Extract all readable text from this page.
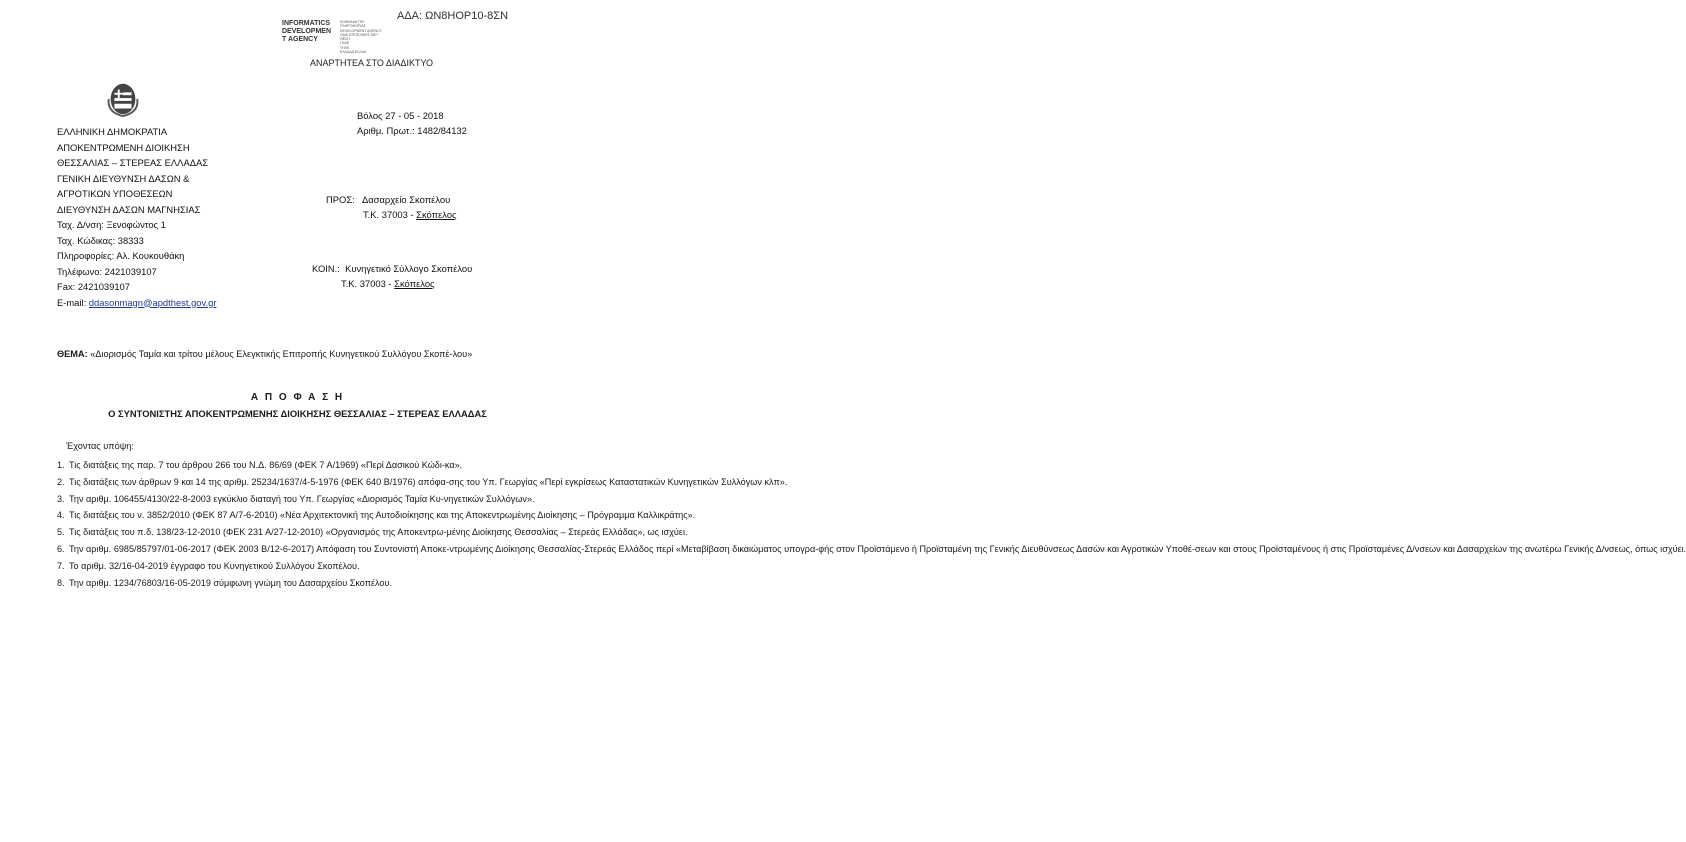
ΑΔΑ: ΩΝ8ΗΟΡ10-8ΣΝ
INFORMATICS
DEVELOPMEN
T AGENCY
ΚΟΙΝΩΝΙΑ ΤΗΣ
ΠΛΗΡΟΦΟΡΙΑΣ
DEVELOPMENT AGENCY
ΟΔΙΚ ΕΠΙΤΕΛΙΚΕΣ ΜΕΤ
ΘΕΣΗ
ΓΗΑΕ
ΤΗΛΕ
ΕΛΛΑΔΑ ΕΛΛΑΔ
ΑΝΑΡΤΗΤΕΑ ΣΤΟ ΔΙΑΔΙΚΤΥΟ
Βόλος 27 - 05 - 2018
Αριθμ. Πρωτ.: 1482/84132
ΕΛΛΗΝΙΚΗ ΔΗΜΟΚΡΑΤΙΑ
ΑΠΟΚΕΝΤΡΩΜΕΝΗ ΔΙΟΙΚΗΣΗ
ΘΕΣΣΑΛΙΑΣ – ΣΤΕΡΕΑΣ ΕΛΛΑΔΑΣ
ΓΕΝΙΚΗ ΔΙΕΥΘΥΝΣΗ ΔΑΣΩΝ &
ΑΓΡΟΤΙΚΩΝ ΥΠΟΘΕΣΕΩΝ
ΔΙΕΥΘΥΝΣΗ ΔΑΣΩΝ ΜΑΓΝΗΣΙΑΣ
Ταχ. Δ/νση: Ξενοφώντος 1
Ταχ. Κώδικας: 38333
Πληροφορίες: Αλ. Κουκουθάκη
Τηλέφωνο: 2421039107
Fax: 2421039107
E-mail: ddasonmagn@apdthest.gov.gr
ΠΡΟΣ: Δασαρχείο Σκοπέλου
Τ.Κ. 37003 - Σκόπελος
ΚΟΙΝ.: Κυνηγετικό Σύλλογο Σκοπέλου
Τ.Κ. 37003 - Σκόπελος
ΘΕΜΑ: «Διορισμός Ταμία και τρίτου μέλους Ελεγκτικής Επιτροπής Κυνηγετικού Συλλόγου Σκοπέ-λου»
Α Π Ο Φ Α Σ Η
Ο ΣΥΝΤΟΝΙΣΤΗΣ ΑΠΟΚΕΝΤΡΩΜΕΝΗΣ ΔΙΟΙΚΗΣΗΣ ΘΕΣΣΑΛΙΑΣ – ΣΤΕΡΕΑΣ ΕΛΛΑΔΑΣ
Έχοντας υπόψη:
1. Τις διατάξεις της παρ. 7 του άρθρου 266 του Ν.Δ. 86/69 (ΦΕΚ 7 Α/1969) «Περί Δασικού Κώδι-κα».
2. Τις διατάξεις των άρθρων 9 και 14 της αριθμ. 25234/1637/4-5-1976 (ΦΕΚ 640 Β/1976) απόφα-σης του Υπ. Γεωργίας «Περί εγκρίσεως Καταστατικών Κυνηγετικών Συλλόγων κλπ».
3. Την αριθμ. 106455/4130/22-8-2003 εγκύκλιο διαταγή του Υπ. Γεωργίας «Διορισμός Ταμία Κυ-νηγετικών Συλλόγων».
4. Τις διατάξεις του ν. 3852/2010 (ΦΕΚ 87 Α/7-6-2010) «Νέα Αρχιτεκτονική της Αυτοδιοίκησης και της Αποκεντρωμένης Διοίκησης – Πρόγραμμα Καλλικράτης».
5. Τις διατάξεις του π.δ. 138/23-12-2010 (ΦΕΚ 231 Α/27-12-2010) «Οργανισμός της Αποκεντρω-μένης Διοίκησης Θεσσαλίας – Στερεάς Ελλάδας», ως ισχύει.
6. Την αριθμ. 6985/85797/01-06-2017 (ΦΕΚ 2003 Β/12-6-2017) Απόφαση του Συντονιστή Αποκε-ντρωμένης Διοίκησης Θεσσαλίας-Στερεάς Ελλάδος περί «Μεταβίβαση δικαιώματος υπογρα-φής στον Προϊστάμενο ή Προϊσταμένη της Γενικής Διευθύνσεως Δασών και Αγροτικών Υποθέ-σεων και στους Προϊσταμένους ή στις Προϊσταμένες Δ/νσεων και Δασαρχείων της ανωτέρω Γενικής Δ/νσεως, όπως ισχύει.
7. Το αριθμ. 32/16-04-2019 έγγραφο του Κυνηγετικού Συλλόγου Σκοπέλου.
8. Την αριθμ. 1234/76803/16-05-2019 σύμφωνη γνώμη του Δασαρχείου Σκοπέλου.
